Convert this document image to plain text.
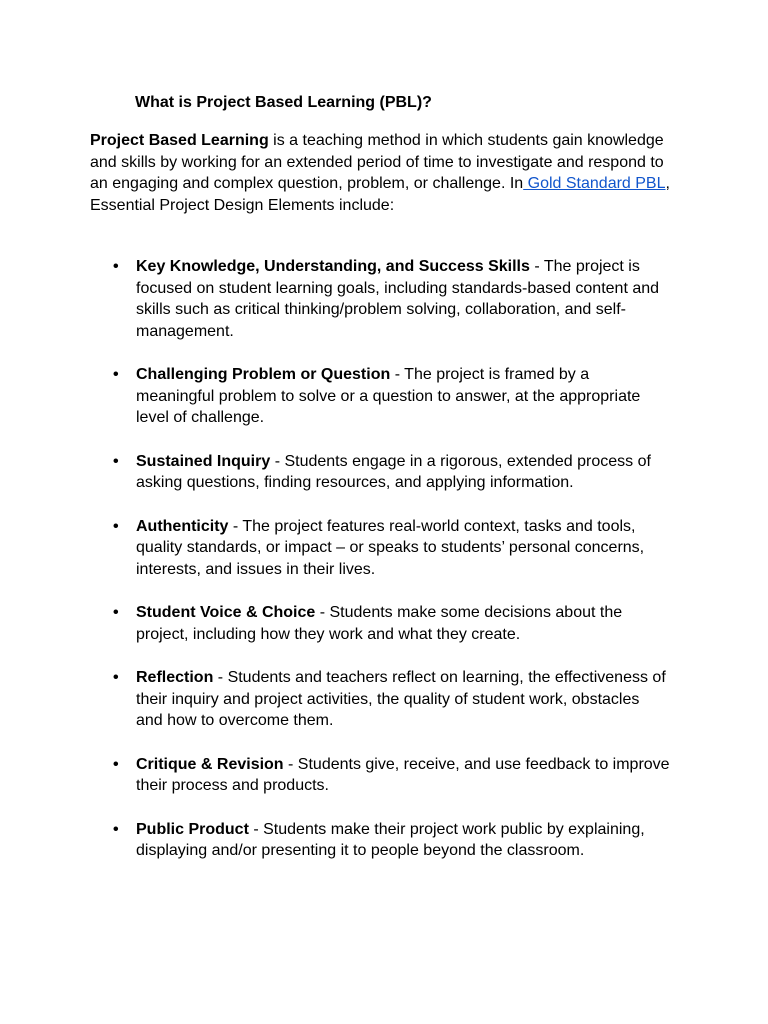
What is Project Based Learning (PBL)?

Project Based Learning is a teaching method in which students gain knowledge and skills by working for an extended period of time to investigate and respond to an engaging and complex question, problem, or challenge. In Gold Standard PBL, Essential Project Design Elements include:

• Key Knowledge, Understanding, and Success Skills - The project is focused on student learning goals, including standards-based content and skills such as critical thinking/problem solving, collaboration, and self-management.
• Challenging Problem or Question - The project is framed by a meaningful problem to solve or a question to answer, at the appropriate level of challenge.
• Sustained Inquiry - Students engage in a rigorous, extended process of asking questions, finding resources, and applying information.
• Authenticity - The project features real-world context, tasks and tools, quality standards, or impact – or speaks to students’ personal concerns, interests, and issues in their lives.
• Student Voice & Choice - Students make some decisions about the project, including how they work and what they create.
• Reflection - Students and teachers reflect on learning, the effectiveness of their inquiry and project activities, the quality of student work, obstacles and how to overcome them.
• Critique & Revision - Students give, receive, and use feedback to improve their process and products.
• Public Product - Students make their project work public by explaining, displaying and/or presenting it to people beyond the classroom.
